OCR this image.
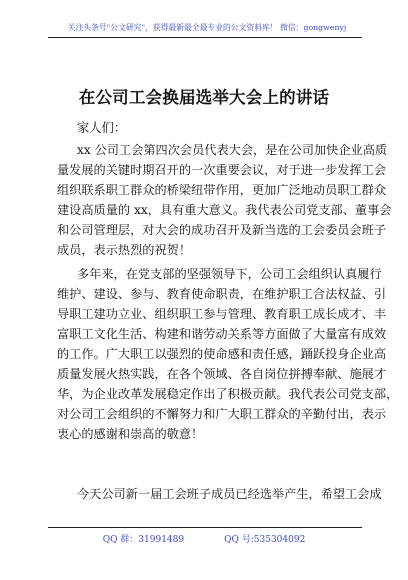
关注头条号"公文研究"，获得最新最全最专业的公文资料库！ 微信：gongwenyj
在公司工会换届选举大会上的讲话
家人们：
xx 公司工会第四次会员代表大会，是在公司加快企业高质
量发展的关键时期召开的一次重要会议，对于进一步发挥工会
组织联系职工群众的桥梁纽带作用，更加广泛地动员职工群众
建设高质量的 xx，具有重大意义。我代表公司党支部、董事会
和公司管理层，对大会的成功召开及新当选的工会委员会班子
成员，表示热烈的祝贺！
多年来，在党支部的坚强领导下，公司工会组织认真履行
维护、建设、参与、教育使命职责，在维护职工合法权益、引
导职工建功立业、组织职工参与管理、教育职工成长成才、丰
富职工文化生活、构建和谐劳动关系等方面做了大量富有成效
的工作。广大职工以强烈的使命感和责任感，踊跃投身企业高
质量发展火热实践，在各个领域、各自岗位拼搏奉献、施展才
华，为企业改革发展稳定作出了积极贡献。我代表公司党支部，
对公司工会组织的不懈努力和广大职工群众的辛勤付出，表示
衷心的感谢和崇高的敬意！
今天公司新一届工会班子成员已经选举产生，希望工会成
QQ 群：31991489	QQ 号:535304092
